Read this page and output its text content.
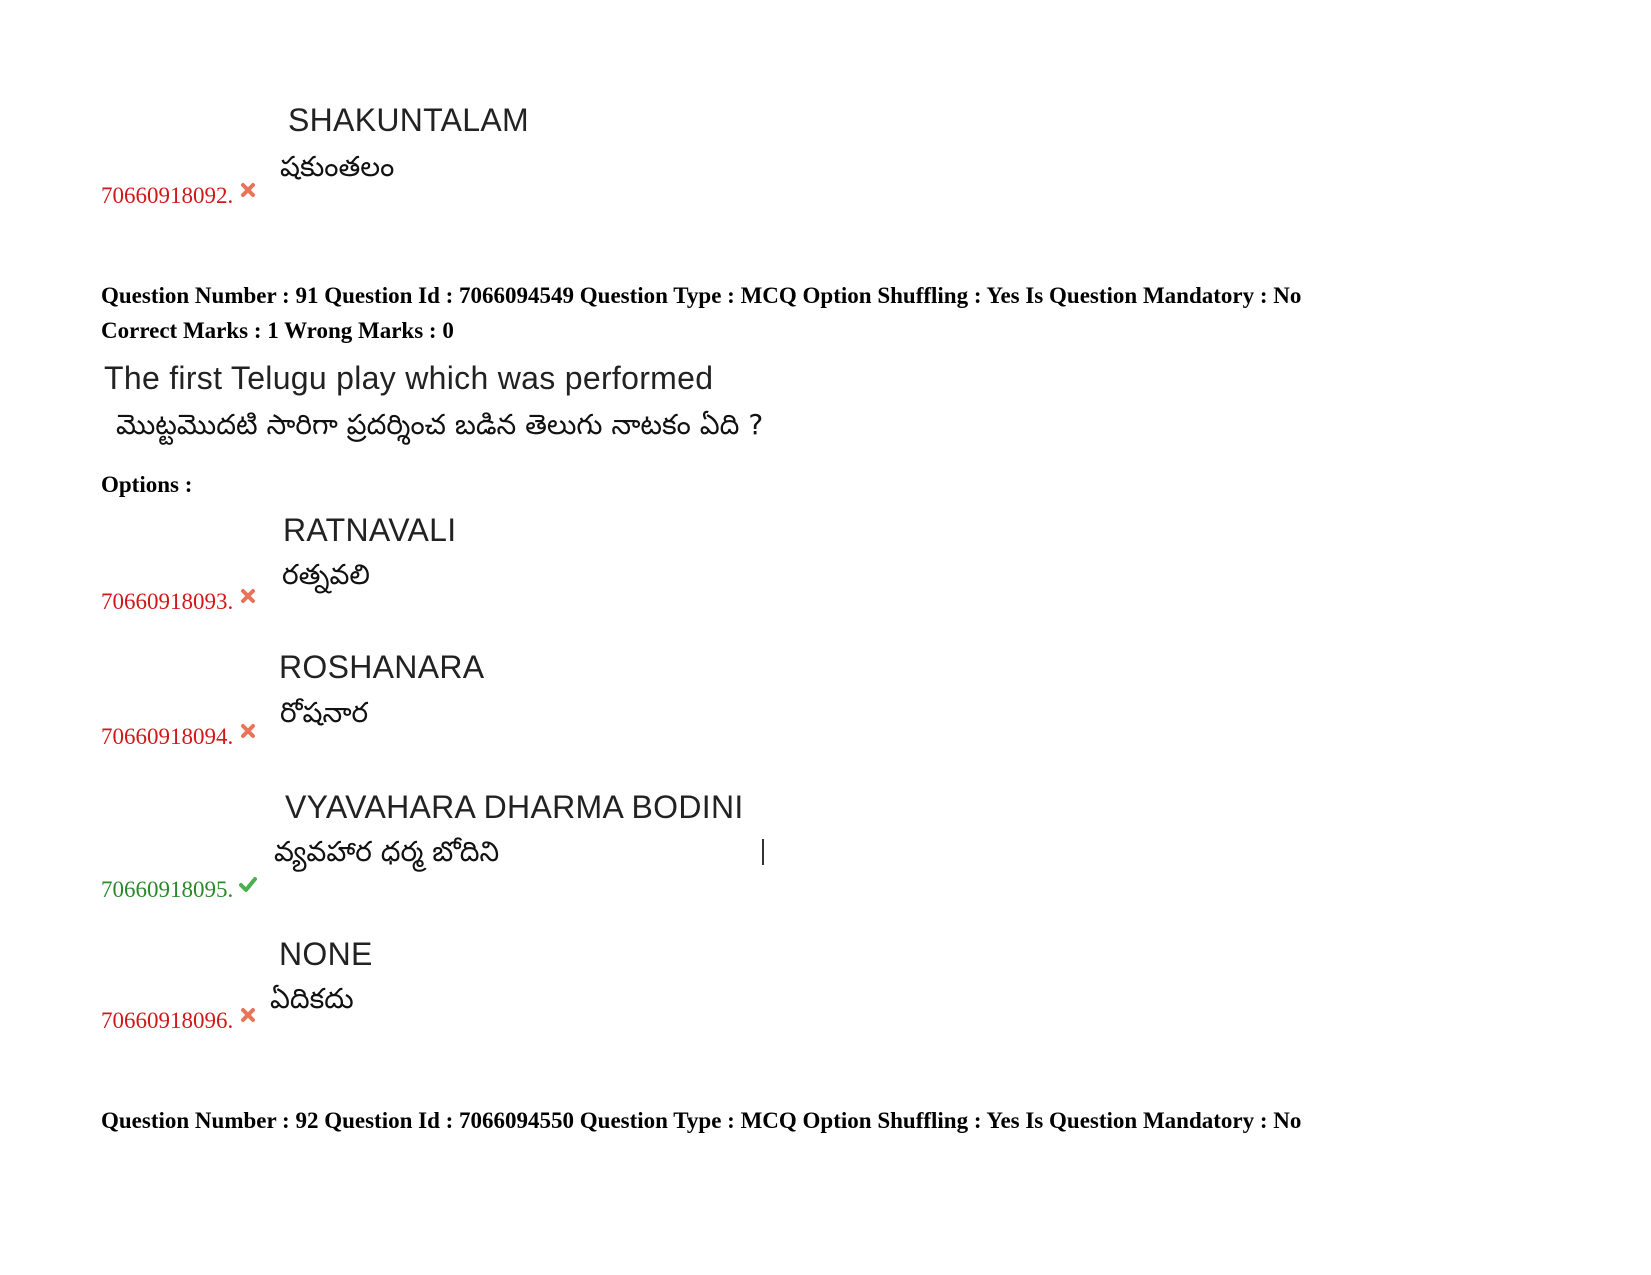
SHAKUNTALAM
షకుంతలం
70660918092.
Question Number : 91 Question Id : 7066094549 Question Type : MCQ Option Shuffling : Yes Is Question Mandatory : No
Correct Marks : 1 Wrong Marks : 0
The first Telugu play which was performed
మొట్టమొదటి సారిగా ప్రదర్శించ బడిన తెలుగు నాటకం ఏది ?
Options :
RATNAVALI
రత్నవలి
70660918093.
ROSHANARA
రోషనార
70660918094.
VYAVAHARA DHARMA BODINI
వ్యవహార ధర్మ బోదిని
70660918095.
NONE
ఏదికదు
70660918096.
Question Number : 92 Question Id : 7066094550 Question Type : MCQ Option Shuffling : Yes Is Question Mandatory : No
